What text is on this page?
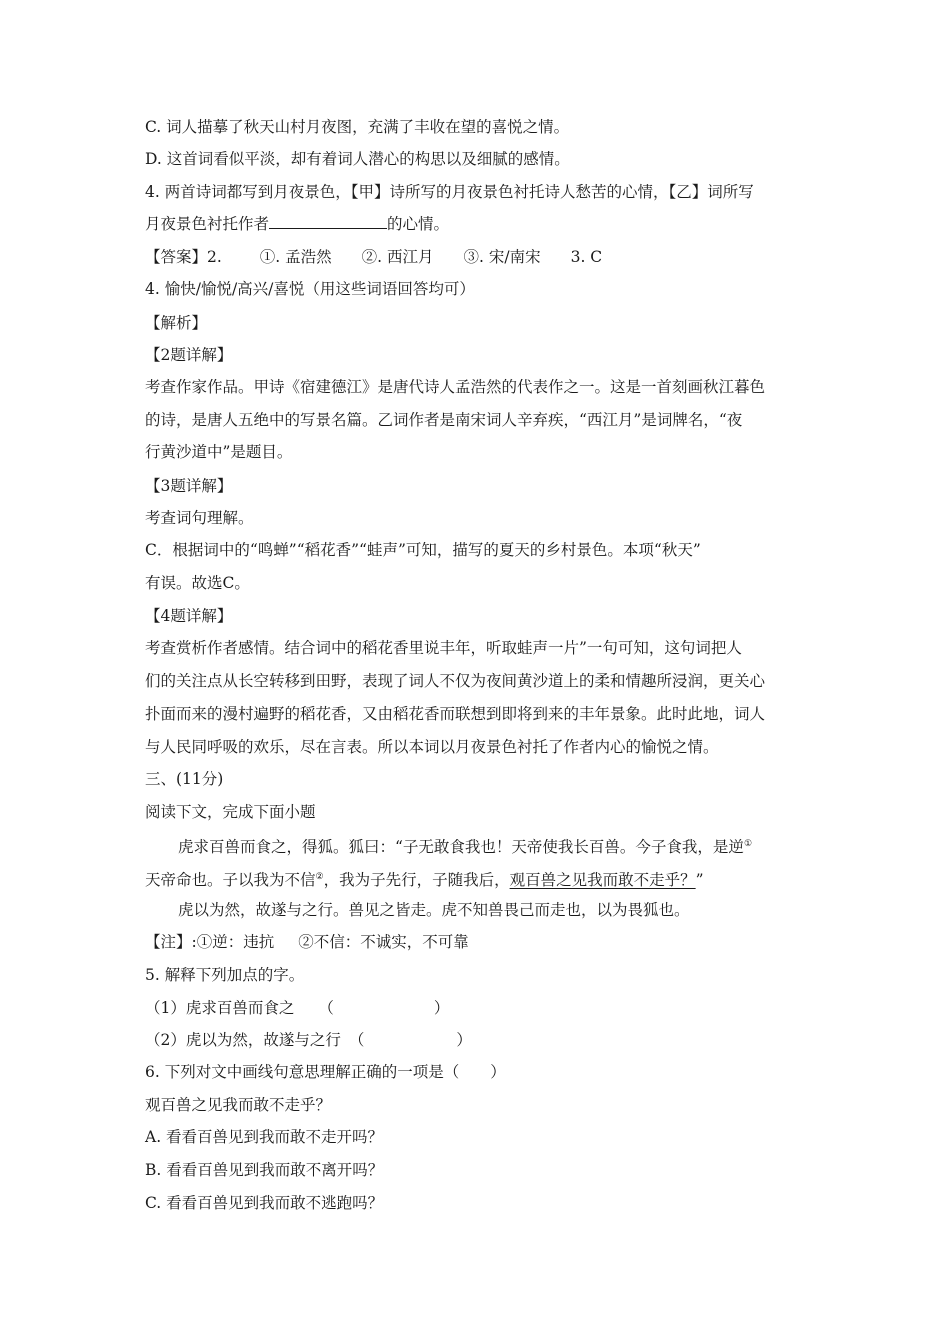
C. 词人描摹了秋天山村月夜图，充满了丰收在望的喜悦之情。
D. 这首词看似平淡，却有着词人潜心的构思以及细腻的感情。
4. 两首诗词都写到月夜景色，【甲】诗所写的月夜景色衬托诗人愁苦的心情，【乙】词所写
月夜景色衬托作者	的心情。
【答案】2. ①. 孟浩然 ②. 西江月 ③. 宋/南宋 3. C
4. 愉快/愉悦/高兴/喜悦（用这些词语回答均可）
【解析】
【2题详解】
考查作家作品。甲诗《宿建德江》是唐代诗人孟浩然的代表作之一。这是一首刻画秋江暮色
的诗，是唐人五绝中的写景名篇。乙词作者是南宋词人辛弃疾，“西江月”是词牌名，“夜
行黄沙道中”是题目。
【3题详解】
考查词句理解。
C．根据词中的“鸣蝉”“稻花香”“蛙声”可知，描写的夏天的乡村景色。本项“秋天”
有误。故选C。
【4题详解】
考查赏析作者感情。结合词中的稻花香里说丰年，听取蛙声一片”一句可知，这句词把人
们的关注点从长空转移到田野，表现了词人不仅为夜间黄沙道上的柔和情趣所浸润，更关心
扑面而来的漫村遍野的稻花香，又由稻花香而联想到即将到来的丰年景象。此时此地，词人
与人民同呼吸的欢乐，尽在言表。所以本词以月夜景色衬托了作者内心的愉悦之情。
三、(11分)
阅读下文，完成下面小题
虎求百兽而食之，得狐。狐曰：“子无敢食我也！天帝使我长百兽。今子食我，是逆①
天帝命也。子以我为不信②，我为子先行，子随我后，观百兽之见我而敢不走乎？”
虎以为然，故遂与之行。兽见之皆走。虎不知兽畏己而走也，以为畏狐也。
【注】:①逆：违抗 ②不信：不诚实，不可靠
5. 解释下列加点的字。
（1）虎求百兽而食之 （	）
（2）虎以为然，故遂与之行 （	）
6. 下列对文中画线句意思理解正确的一项是（　　）
观百兽之见我而敢不走乎？
A. 看看百兽见到我而敢不走开吗？
B. 看看百兽见到我而敢不离开吗？
C. 看看百兽见到我而敢不逃跑吗？
